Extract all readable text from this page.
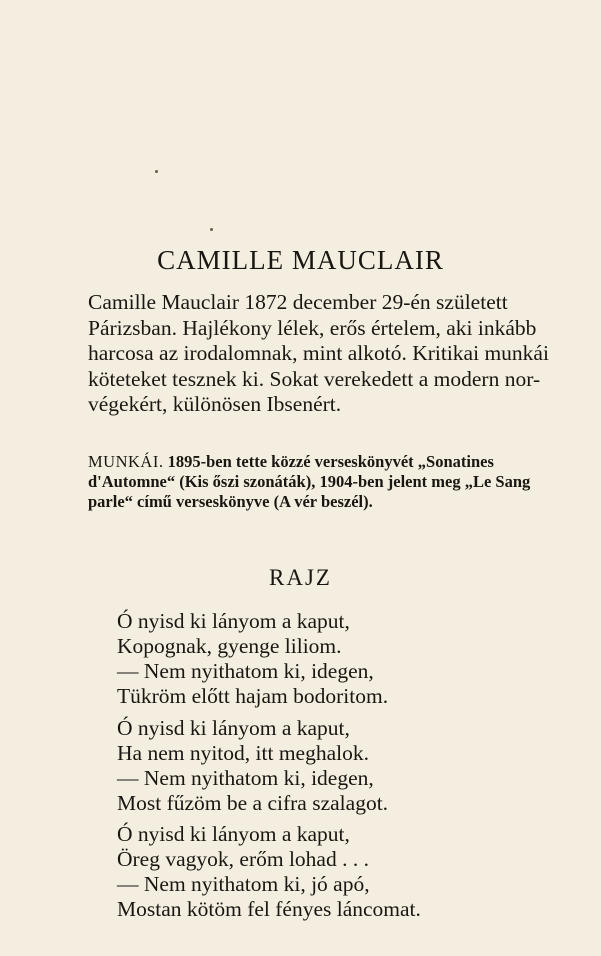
CAMILLE MAUCLAIR
Camille Mauclair 1872 december 29-én született
Párizsban. Hajlékony lélek, erős értelem, aki inkább
harcosa az irodalomnak, mint alkotó. Kritikai munkái
köteteket tesznek ki. Sokat verekedett a modern nor-
végekért, különösen Ibsenért.
MUNKÁI. 1895-ben tette közzé verseskönyvét „Sonatines
d'Automne“ (Kis őszi szonáták), 1904-ben jelent meg „Le Sang
parle“ című verseskönyve (A vér beszél).
RAJZ
Ó nyisd ki lányom a kaput,
Kopognak, gyenge liliom.
— Nem nyithatom ki, idegen,
Tükröm előtt hajam bodoritom.
Ó nyisd ki lányom a kaput,
Ha nem nyitod, itt meghalok.
— Nem nyithatom ki, idegen,
Most fűzöm be a cifra szalagot.
Ó nyisd ki lányom a kaput,
Öreg vagyok, erőm lohad . . .
— Nem nyithatom ki, jó apó,
Mostan kötöm fel fényes láncomat.
